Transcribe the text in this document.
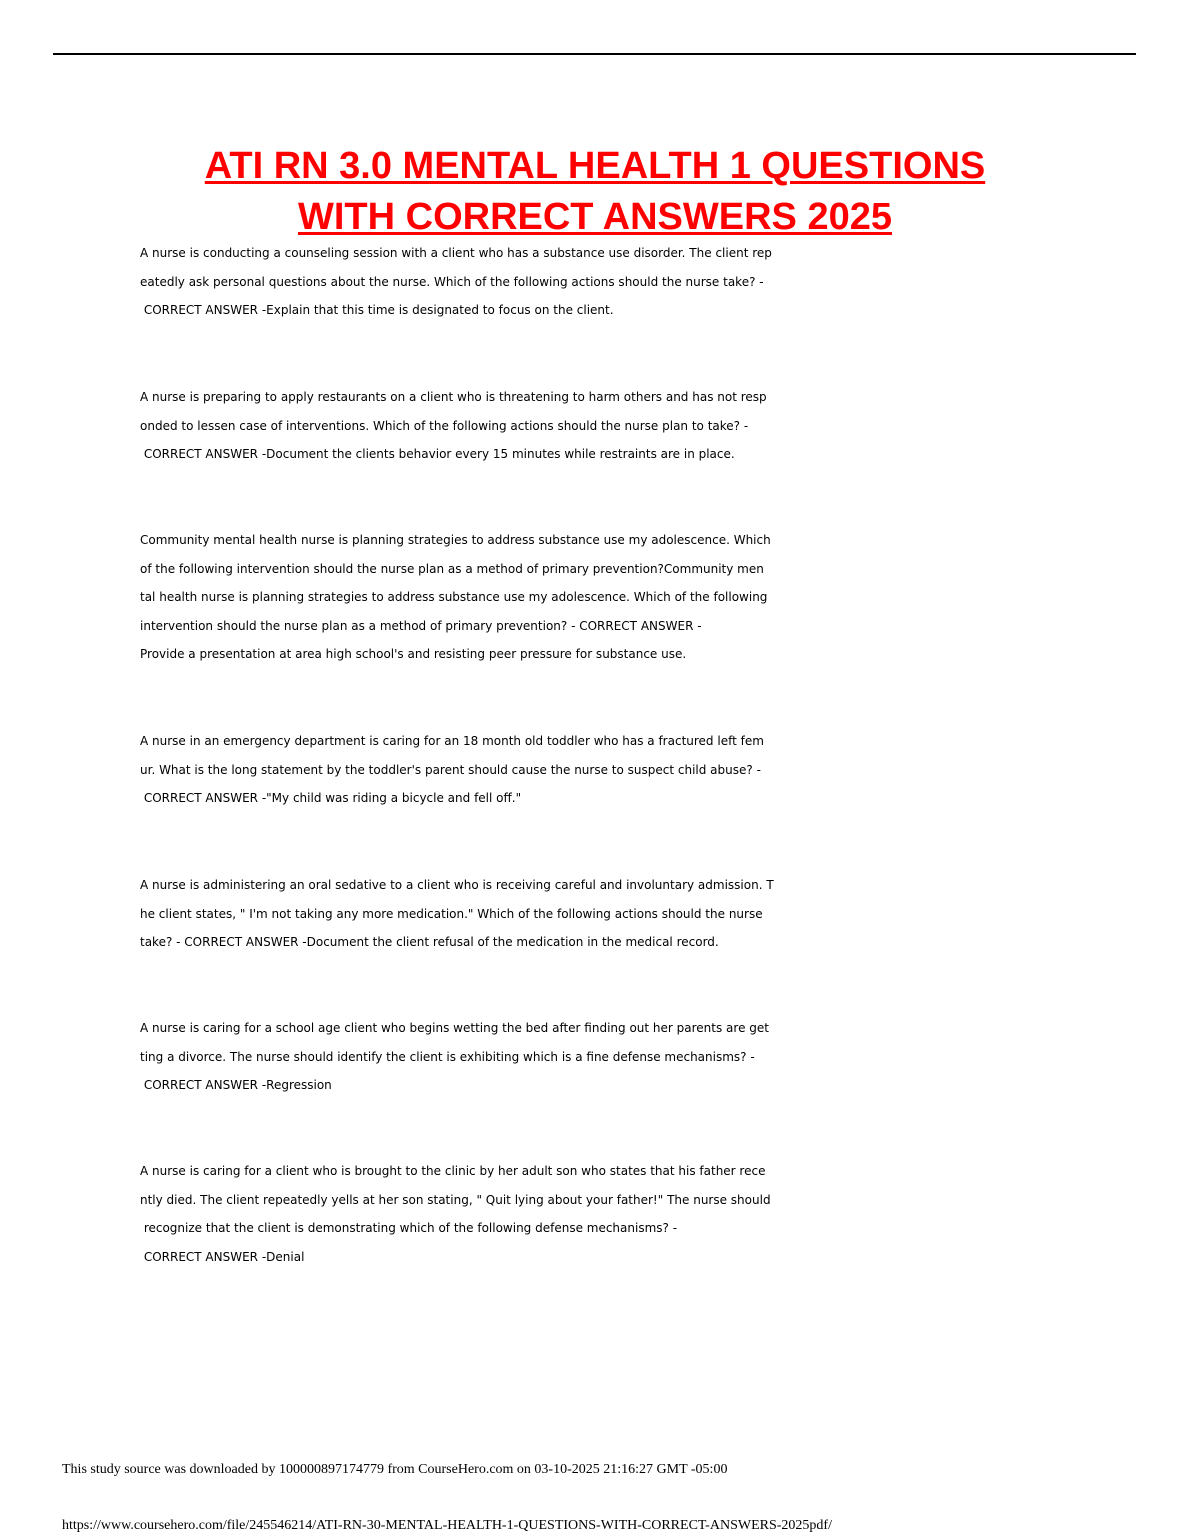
ATI RN 3.0 MENTAL HEALTH 1 QUESTIONS
WITH CORRECT ANSWERS 2025
A nurse is conducting a counseling session with a client who has a substance use disorder. The client rep
eatedly ask personal questions about the nurse. Which of the following actions should the nurse take? -
CORRECT ANSWER -Explain that this time is designated to focus on the client.
A nurse is preparing to apply restaurants on a client who is threatening to harm others and has not resp
onded to lessen case of interventions. Which of the following actions should the nurse plan to take? -
CORRECT ANSWER -Document the clients behavior every 15 minutes while restraints are in place.
Community mental health nurse is planning strategies to address substance use my adolescence. Which
of the following intervention should the nurse plan as a method of primary prevention?Community men
tal health nurse is planning strategies to address substance use my adolescence. Which of the following
intervention should the nurse plan as a method of primary prevention? - CORRECT ANSWER -
Provide a presentation at area high school's and resisting peer pressure for substance use.
A nurse in an emergency department is caring for an 18 month old toddler who has a fractured left fem
ur. What is the long statement by the toddler's parent should cause the nurse to suspect child abuse? -
CORRECT ANSWER -"My child was riding a bicycle and fell off."
A nurse is administering an oral sedative to a client who is receiving careful and involuntary admission. T
he client states, " I'm not taking any more medication." Which of the following actions should the nurse
take? - CORRECT ANSWER -Document the client refusal of the medication in the medical record.
A nurse is caring for a school age client who begins wetting the bed after finding out her parents are get
ting a divorce. The nurse should identify the client is exhibiting which is a fine defense mechanisms? -
CORRECT ANSWER -Regression
A nurse is caring for a client who is brought to the clinic by her adult son who states that his father rece
ntly died. The client repeatedly yells at her son stating, " Quit lying about your father!" The nurse should
recognize that the client is demonstrating which of the following defense mechanisms? -
CORRECT ANSWER -Denial
This study source was downloaded by 100000897174779 from CourseHero.com on 03-10-2025 21:16:27 GMT -05:00
https://www.coursehero.com/file/245546214/ATI-RN-30-MENTAL-HEALTH-1-QUESTIONS-WITH-CORRECT-ANSWERS-2025pdf/
